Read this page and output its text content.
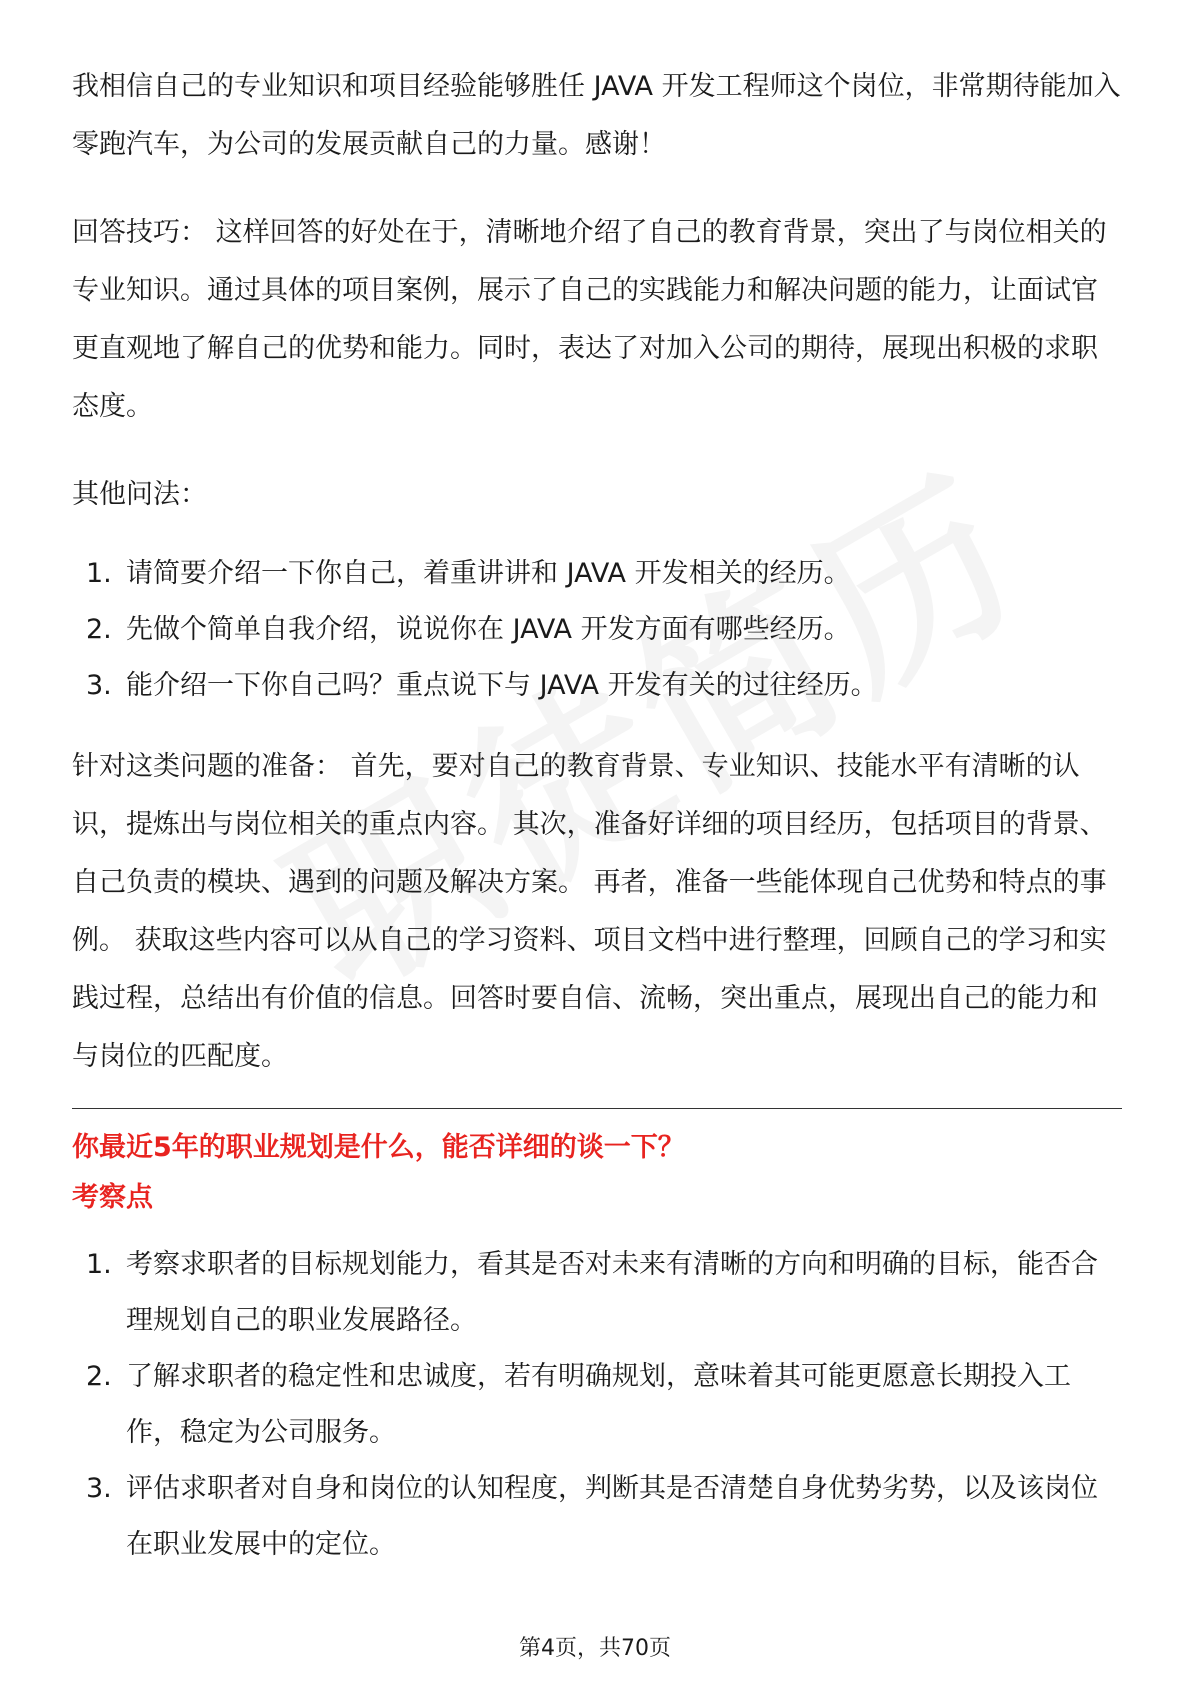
我相信自己的专业知识和项目经验能够胜任 JAVA 开发工程师这个岗位，非常期待能加入零跑汽车，为公司的发展贡献自己的力量。感谢！

回答技巧： 这样回答的好处在于，清晰地介绍了自己的教育背景，突出了与岗位相关的专业知识。通过具体的项目案例，展示了自己的实践能力和解决问题的能力，让面试官更直观地了解自己的优势和能力。同时，表达了对加入公司的期待，展现出积极的求职态度。

其他问法：

1. 请简要介绍一下你自己，着重讲讲和 JAVA 开发相关的经历。
2. 先做个简单自我介绍，说说你在 JAVA 开发方面有哪些经历。
3. 能介绍一下你自己吗？重点说下与 JAVA 开发有关的过往经历。

针对这类问题的准备： 首先，要对自己的教育背景、专业知识、技能水平有清晰的认识，提炼出与岗位相关的重点内容。 其次，准备好详细的项目经历，包括项目的背景、自己负责的模块、遇到的问题及解决方案。 再者，准备一些能体现自己优势和特点的事例。 获取这些内容可以从自己的学习资料、项目文档中进行整理，回顾自己的学习和实践过程，总结出有价值的信息。回答时要自信、流畅，突出重点，展现出自己的能力和与岗位的匹配度。

你最近5年的职业规划是什么，能否详细的谈一下？

考察点

1. 考察求职者的目标规划能力，看其是否对未来有清晰的方向和明确的目标，能否合理规划自己的职业发展路径。
2. 了解求职者的稳定性和忠诚度，若有明确规划，意味着其可能更愿意长期投入工作，稳定为公司服务。
3. 评估求职者对自身和岗位的认知程度，判断其是否清楚自身优势劣势，以及该岗位在职业发展中的定位。
第4页，共70页
